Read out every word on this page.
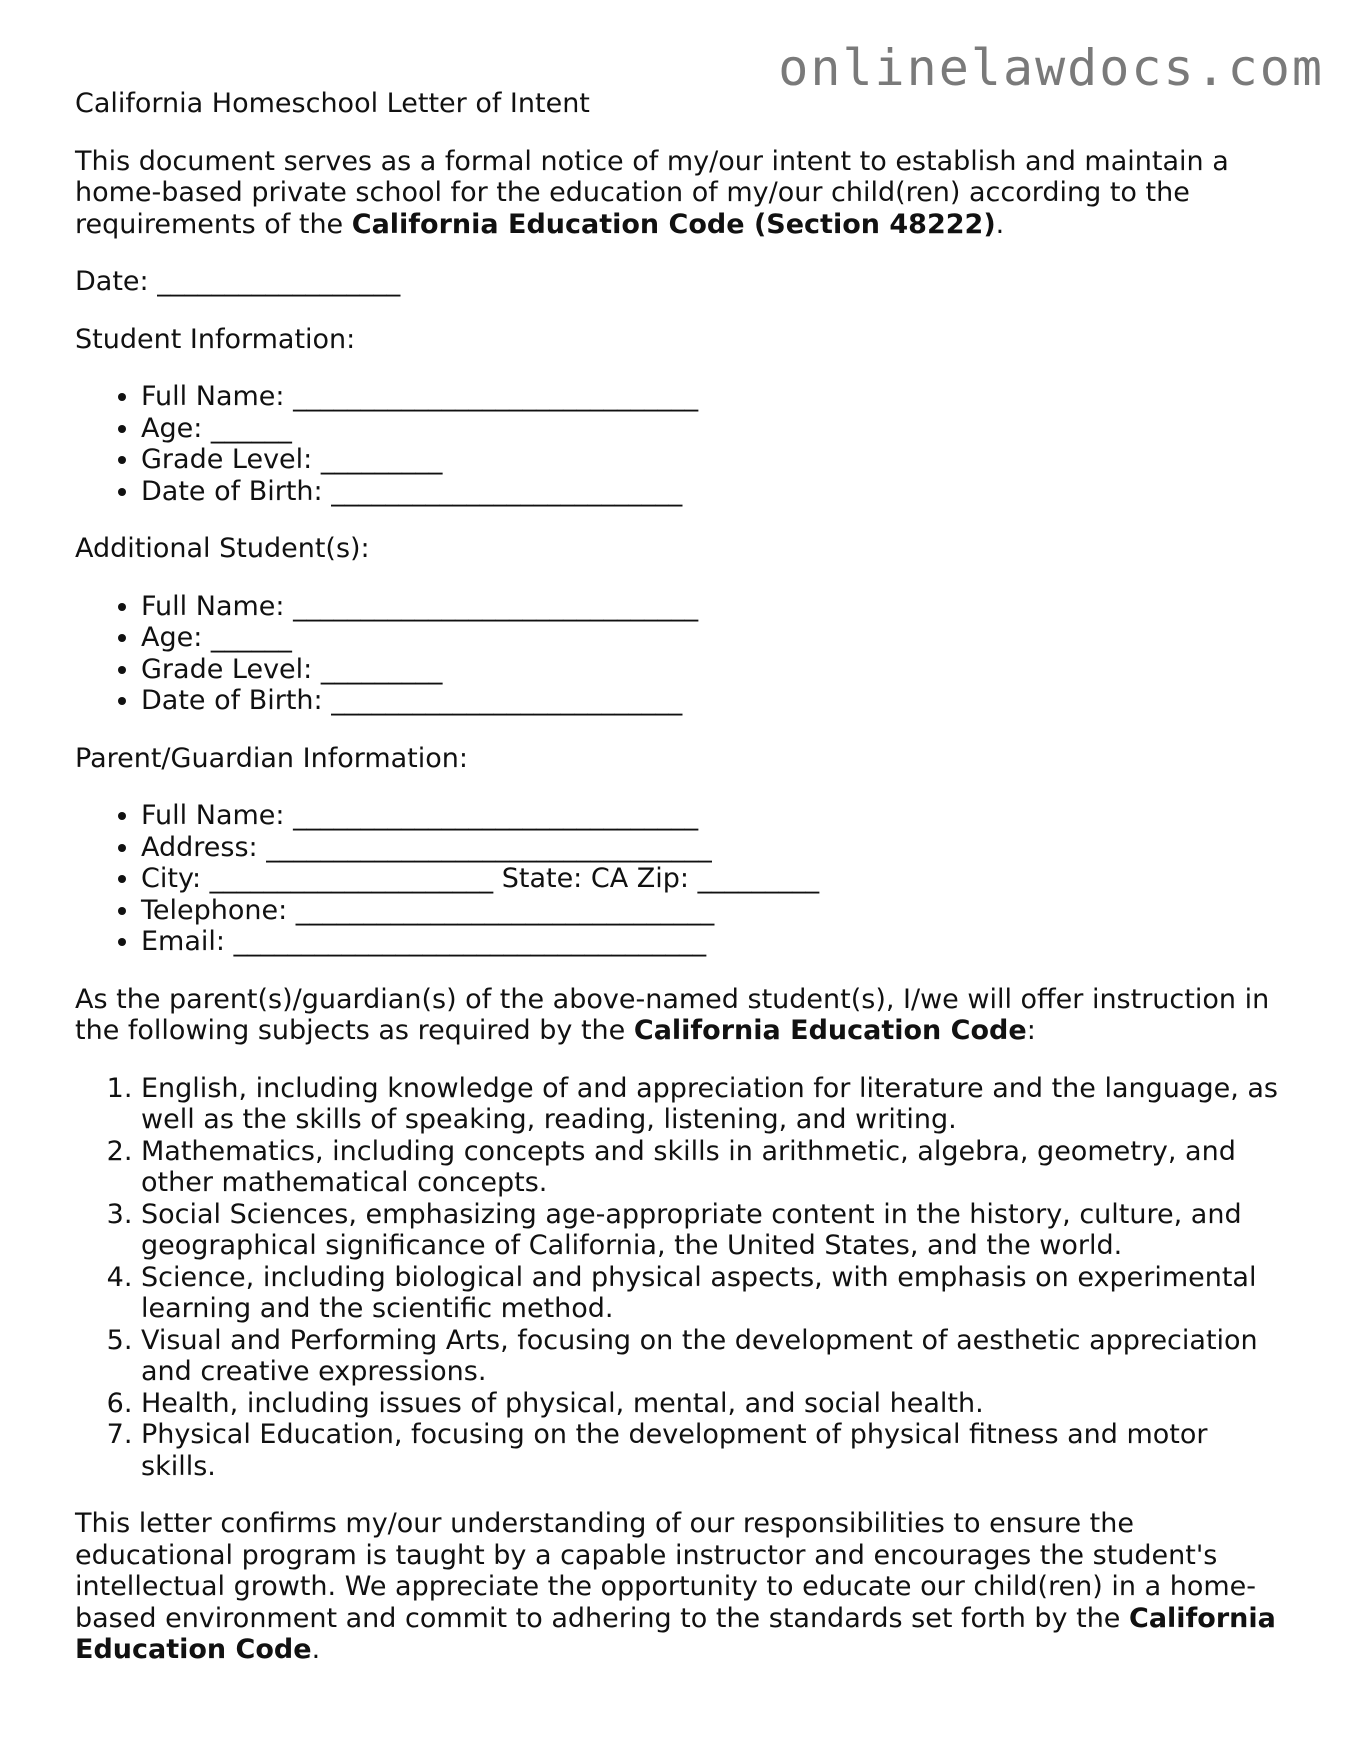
onlinelawdocs.com

California Homeschool Letter of Intent

This document serves as a formal notice of my/our intent to establish and maintain a home-based private school for the education of my/our child(ren) according to the requirements of the California Education Code (Section 48222).

Date: __________________

Student Information:

• Full Name: ______________________________
• Age: ______
• Grade Level: _________
• Date of Birth: __________________________

Additional Student(s):

• Full Name: ______________________________
• Age: ______
• Grade Level: _________
• Date of Birth: __________________________

Parent/Guardian Information:

• Full Name: ______________________________
• Address: _________________________________
• City: _____________________ State: CA Zip: _________
• Telephone: _______________________________
• Email: ___________________________________

As the parent(s)/guardian(s) of the above-named student(s), I/we will offer instruction in the following subjects as required by the California Education Code:

1. English, including knowledge of and appreciation for literature and the language, as well as the skills of speaking, reading, listening, and writing.
2. Mathematics, including concepts and skills in arithmetic, algebra, geometry, and other mathematical concepts.
3. Social Sciences, emphasizing age-appropriate content in the history, culture, and geographical significance of California, the United States, and the world.
4. Science, including biological and physical aspects, with emphasis on experimental learning and the scientific method.
5. Visual and Performing Arts, focusing on the development of aesthetic appreciation and creative expressions.
6. Health, including issues of physical, mental, and social health.
7. Physical Education, focusing on the development of physical fitness and motor skills.

This letter confirms my/our understanding of our responsibilities to ensure the educational program is taught by a capable instructor and encourages the student's intellectual growth. We appreciate the opportunity to educate our child(ren) in a home-based environment and commit to adhering to the standards set forth by the California Education Code.
